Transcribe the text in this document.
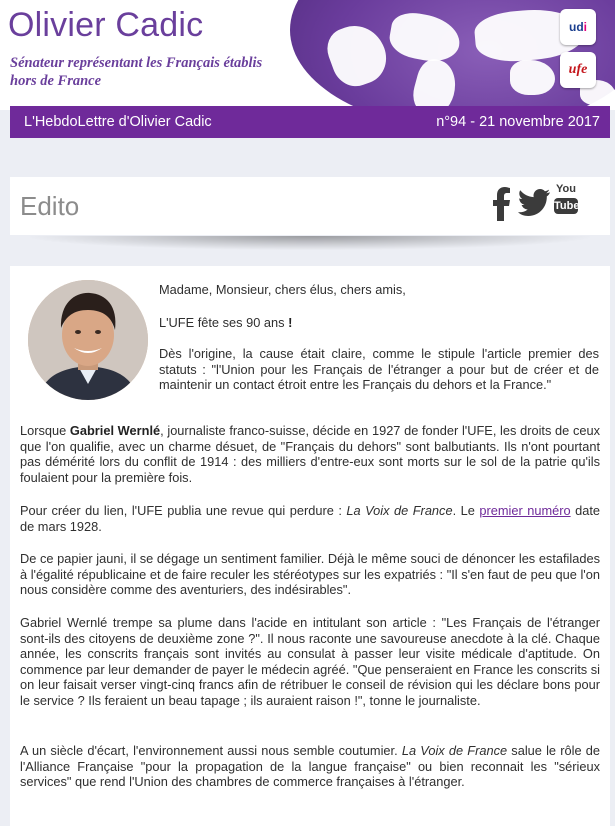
Olivier Cadic

Sénateur représentant les Français établis hors de France

udi
ufe
L'HebdoLettre d'Olivier Cadic	n°94 - 21 novembre 2017
Edito
You
Tube

Madame, Monsieur, chers élus, chers amis,

L'UFE fête ses 90 ans !

Dès l'origine, la cause était claire, comme le stipule l'article premier des statuts : "l'Union pour les Français de l'étranger a pour but de créer et de maintenir un contact étroit entre les Français du dehors et la France."

Lorsque Gabriel Wernlé, journaliste franco-suisse, décide en 1927 de fonder l'UFE, les droits de ceux que l'on qualifie, avec un charme désuet, de "Français du dehors" sont balbutiants. Ils n'ont pourtant pas démérité lors du conflit de 1914 : des milliers d'entre-eux sont morts sur le sol de la patrie qu'ils foulaient pour la première fois.

Pour créer du lien, l'UFE publia une revue qui perdure : La Voix de France. Le premier numéro date de mars 1928.

De ce papier jauni, il se dégage un sentiment familier. Déjà le même souci de dénoncer les estafilades à l'égalité républicaine et de faire reculer les stéréotypes sur les expatriés : "Il s'en faut de peu que l'on nous considère comme des aventuriers, des indésirables".

Gabriel Wernlé trempe sa plume dans l'acide en intitulant son article : "Les Français de l'étranger sont-ils des citoyens de deuxième zone ?". Il nous raconte une savoureuse anecdote à la clé. Chaque année, les conscrits français sont invités au consulat à passer leur visite médicale d'aptitude. On commence par leur demander de payer le médecin agréé. "Que penseraient en France les conscrits si on leur faisait verser vingt-cinq francs afin de rétribuer le conseil de révision qui les déclare bons pour le service ? Ils feraient un beau tapage ; ils auraient raison !", tonne le journaliste.

A un siècle d'écart, l'environnement aussi nous semble coutumier. La Voix de France salue le rôle de l'Alliance Française "pour la propagation de la langue française" ou bien reconnait les "sérieux services" que rend l'Union des chambres de commerce françaises à l'étranger.
